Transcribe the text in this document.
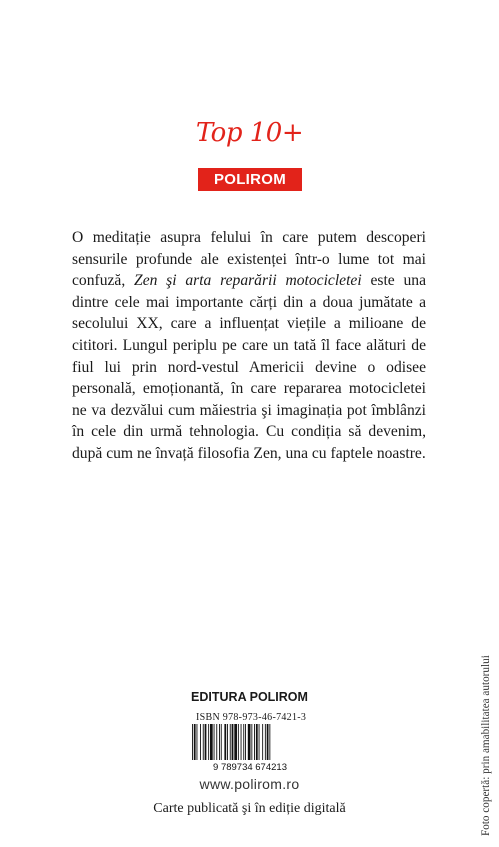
Top 10+
POLIROM

O meditație asupra felului în care putem descoperi sensurile profunde ale existenței într-o lume tot mai confuză, Zen şi arta reparării motocicletei este una dintre cele mai importante cărți din a doua jumătate a secolului XX, care a influențat viețile a milioane de cititori. Lungul periplu pe care un tată îl face alături de fiul lui prin nord-vestul Americii devine o odisee personală, emoționantă, în care repararea motocicletei ne va dezvălui cum măiestria şi imaginația pot îmblânzi în cele din urmă tehnologia. Cu condiția să devenim, după cum ne învață filosofia Zen, una cu faptele noastre.

EDITURA POLIROM
ISBN 978-973-46-7421-3
9 789734 674213
www.polirom.ro
Carte publicată şi în ediție digitală	Foto copertă: prin amabilitatea autorului
